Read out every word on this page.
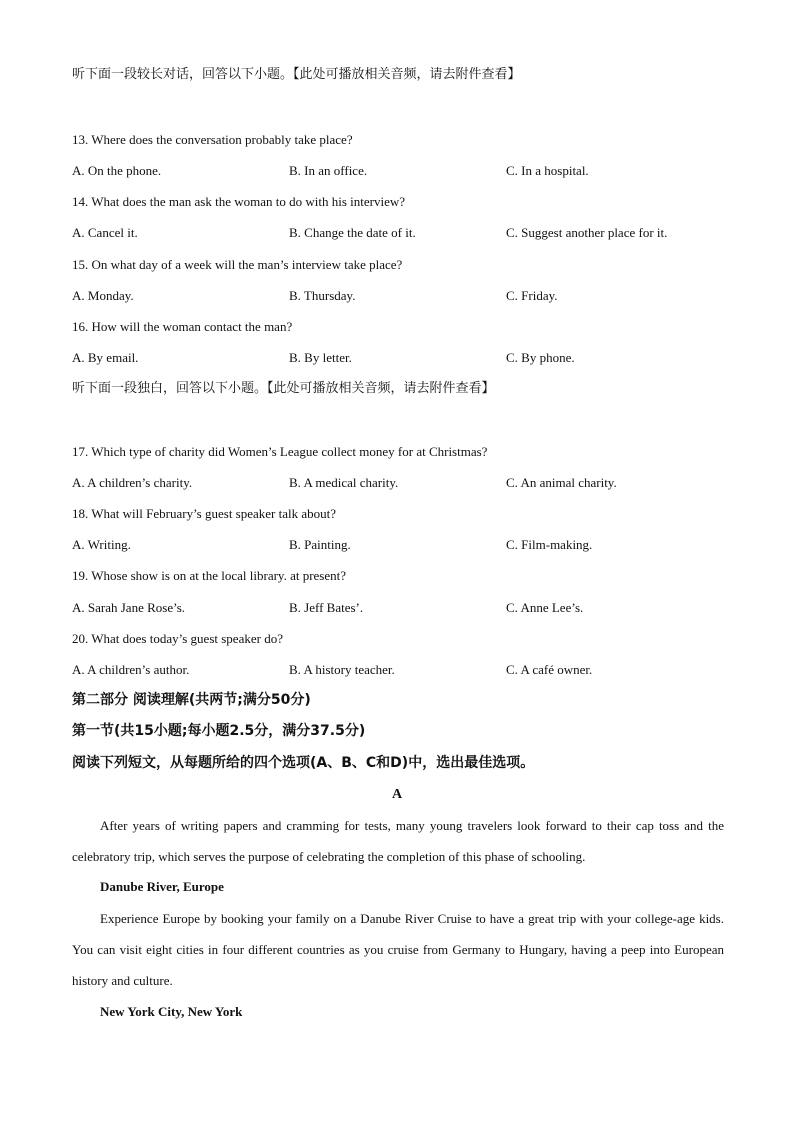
听下面一段较长对话，回答以下小题。【此处可播放相关音频，请去附件查看】
13. Where does the conversation probably take place?
A. On the phone.	B. In an office.	C. In a hospital.
14. What does the man ask the woman to do with his interview?
A. Cancel it.	B. Change the date of it.	C. Suggest another place for it.
15. On what day of a week will the man’s interview take place?
A. Monday.	B. Thursday.	C. Friday.
16. How will the woman contact the man?
A. By email.	B. By letter.	C. By phone.
听下面一段独白，回答以下小题。【此处可播放相关音频，请去附件查看】
17. Which type of charity did Women’s League collect money for at Christmas?
A. A children’s charity.	B. A medical charity.	C. An animal charity.
18. What will February’s guest speaker talk about?
A. Writing.	B. Painting.	C. Film-making.
19. Whose show is on at the local library. at present?
A. Sarah Jane Rose’s.	B. Jeff Bates’.	C. Anne Lee’s.
20. What does today’s guest speaker do?
A. A children’s author.	B. A history teacher.	C. A café owner.
第二部分 阅读理解(共两节;满分50分)
第一节(共15小题;每小题2.5分，满分37.5分)
阅读下列短文，从每题所给的四个选项(A、B、C和D)中，选出最佳选项。
A
After years of writing papers and cramming for tests, many young travelers look forward to their cap toss and the celebratory trip, which serves the purpose of celebrating the completion of this phase of schooling.
Danube River, Europe
Experience Europe by booking your family on a Danube River Cruise to have a great trip with your college-age kids. You can visit eight cities in four different countries as you cruise from Germany to Hungary, having a peep into European history and culture.
New York City, New York
